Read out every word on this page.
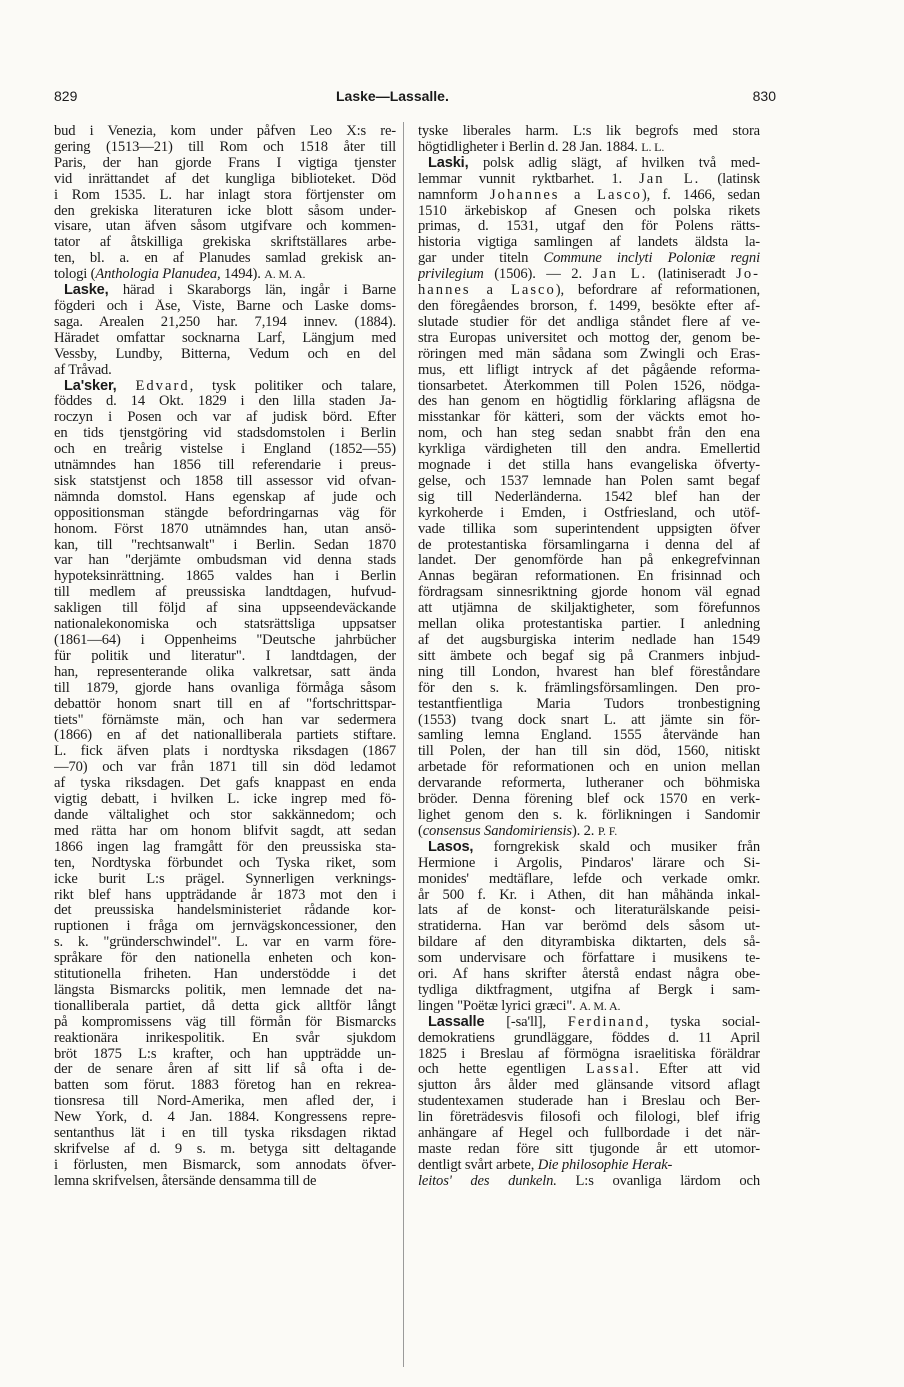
829	Laske—Lassalle.	830
bud i Venezia, kom under påfven Leo X:s re-
gering (1513—21) till Rom och 1518 åter till
Paris, der han gjorde Frans I vigtiga tjenster
vid inrättandet af det kungliga biblioteket. Död
i Rom 1535. L. har inlagt stora förtjenster om
den grekiska literaturen icke blott såsom under-
visare, utan äfven såsom utgifvare och kommen-
tator af åtskilliga grekiska skriftställares arbe-
ten, bl. a. en af Planudes samlad grekisk an-
tologi (Anthologia Planudea, 1494). A. M. A.
Laske, härad i Skaraborgs län, ingår i Barne
fögderi och i Åse, Viste, Barne och Laske doms-
saga. Arealen 21,250 har. 7,194 innev. (1884).
Häradet omfattar socknarna Larf, Längjum med
Vessby, Lundby, Bitterna, Vedum och en del
af Tråvad.
La'sker, Edvard, tysk politiker och talare,
föddes d. 14 Okt. 1829 i den lilla staden Ja-
roczyn i Posen och var af judisk börd. Efter
en tids tjenstgöring vid stadsdomstolen i Berlin
och en treårig vistelse i England (1852—55)
utnämndes han 1856 till referendarie i preus-
sisk statstjenst och 1858 till assessor vid ofvan-
nämnda domstol. Hans egenskap af jude och
oppositionsman stängde befordringarnas väg för
honom. Först 1870 utnämndes han, utan ansö-
kan, till "rechtsanwalt" i Berlin. Sedan 1870
var han "derjämte ombudsman vid denna stads
hypoteksinrättning. 1865 valdes han i Berlin
till medlem af preussiska landtdagen, hufvud-
sakligen till följd af sina uppseendeväckande
nationalekonomiska och statsrättsliga uppsatser
(1861—64) i Oppenheims "Deutsche jahrbücher
für politik und literatur". I landtdagen, der
han, representerande olika valkretsar, satt ända
till 1879, gjorde hans ovanliga förmåga såsom
debattör honom snart till en af "fortschrittspar-
tiets" förnämste män, och han var sedermera
(1866) en af det nationalliberala partiets stiftare.
L. fick äfven plats i nordtyska riksdagen (1867
—70) och var från 1871 till sin död ledamot
af tyska riksdagen. Det gafs knappast en enda
vigtig debatt, i hvilken L. icke ingrep med fö-
dande vältalighet och stor sakkännedom; och
med rätta har om honom blifvit sagdt, att sedan
1866 ingen lag framgått för den preussiska sta-
ten, Nordtyska förbundet och Tyska riket, som
icke burit L:s prägel. Synnerligen verknings-
rikt blef hans uppträdande år 1873 mot den i
det preussiska handelsministeriet rådande kor-
ruptionen i fråga om jernvägskoncessioner, den
s. k. "gründerschwindel". L. var en varm före-
språkare för den nationella enheten och kon-
stitutionella friheten. Han understödde i det
längsta Bismarcks politik, men lemnade det na-
tionalliberala partiet, då detta gick alltför långt
på kompromissens väg till förmån för Bismarcks
reaktionära inrikespolitik. En svår sjukdom
bröt 1875 L:s krafter, och han uppträdde un-
der de senare åren af sitt lif så ofta i de-
batten som förut. 1883 företog han en rekrea-
tionsresa till Nord-Amerika, men afled der, i
New York, d. 4 Jan. 1884. Kongressens repre-
sentanthus lät i en till tyska riksdagen riktad
skrifvelse af d. 9 s. m. betyga sitt deltagande
i förlusten, men Bismarck, som annodats öfver-
lemna skrifvelsen, återsände densamma till de
tyske liberales harm. L:s lik begrofs med stora
högtidligheter i Berlin d. 28 Jan. 1884. L. L.
Laski, polsk adlig slägt, af hvilken två med-
lemmar vunnit ryktbarhet. 1. Jan L. (latinsk
namnform Johannes a Lasco), f. 1466, sedan
1510 ärkebiskop af Gnesen och polska rikets
primas, d. 1531, utgaf den för Polens rätts-
historia vigtiga samlingen af landets äldsta la-
gar under titeln Commune inclyti Poloniæ regni
privilegium (1506). — 2. Jan L. (latiniseradt Jo-
hannes a Lasco), befordrare af reformationen,
den föregåendes brorson, f. 1499, besökte efter af-
slutade studier för det andliga ståndet flere af ve-
stra Europas universitet och mottog der, genom be-
röringen med män sådana som Zwingli och Eras-
mus, ett lifligt intryck af det pågående reforma-
tionsarbetet. Återkommen till Polen 1526, nödga-
des han genom en högtidlig förklaring aflägsna de
misstankar för kätteri, som der väckts emot ho-
nom, och han steg sedan snabbt från den ena
kyrkliga värdigheten till den andra. Emellertid
mognade i det stilla hans evangeliska öfverty-
gelse, och 1537 lemnade han Polen samt begaf
sig till Nederländerna. 1542 blef han der
kyrkoherde i Emden, i Ostfriesland, och utöf-
vade tillika som superintendent uppsigten öfver
de protestantiska församlingarna i denna del af
landet. Der genomförde han på enkegrefvinnan
Annas begäran reformationen. En frisinnad och
fördragsam sinnesriktning gjorde honom väl egnad
att utjämna de skiljaktigheter, som förefunnos
mellan olika protestantiska partier. I anledning
af det augsburgiska interim nedlade han 1549
sitt ämbete och begaf sig på Cranmers inbjud-
ning till London, hvarest han blef föreståndare
för den s. k. främlingsförsamlingen. Den pro-
testantfientliga Maria Tudors tronbestigning
(1553) tvang dock snart L. att jämte sin för-
samling lemna England. 1555 återvände han
till Polen, der han till sin död, 1560, nitiskt
arbetade för reformationen och en union mellan
dervarande reformerta, lutheraner och böhmiska
bröder. Denna förening blef ock 1570 en verk-
lighet genom den s. k. förlikningen i Sandomir
(consensus Sandomiriensis). 2. P. F.
Lasos, forngrekisk skald och musiker från
Hermione i Argolis, Pindaros' lärare och Si-
monides' medtäflare, lefde och verkade omkr.
år 500 f. Kr. i Athen, dit han måhända inkal-
lats af de konst- och literaturälskande peisi-
stratiderna. Han var berömd dels såsom ut-
bildare af den dityrambiska diktarten, dels så-
som undervisare och författare i musikens te-
ori. Af hans skrifter återstå endast några obe-
tydliga diktfragment, utgifna af Bergk i sam-
lingen "Poëtæ lyrici græci". A. M. A.
Lassalle [-sa'll], Ferdinand, tyska social-
demokratiens grundläggare, föddes d. 11 April
1825 i Breslau af förmögna israelitiska föräldrar
och hette egentligen Lassal. Efter att vid
sjutton års ålder med glänsande vitsord aflagt
studentexamen studerade han i Breslau och Ber-
lin företrädesvis filosofi och filologi, blef ifrig
anhängare af Hegel och fullbordade i det när-
maste redan före sitt tjugonde år ett utomor-
dentligt svårt arbete, Die philosophie Herak-
leitos' des dunkeln. L:s ovanliga lärdom och
